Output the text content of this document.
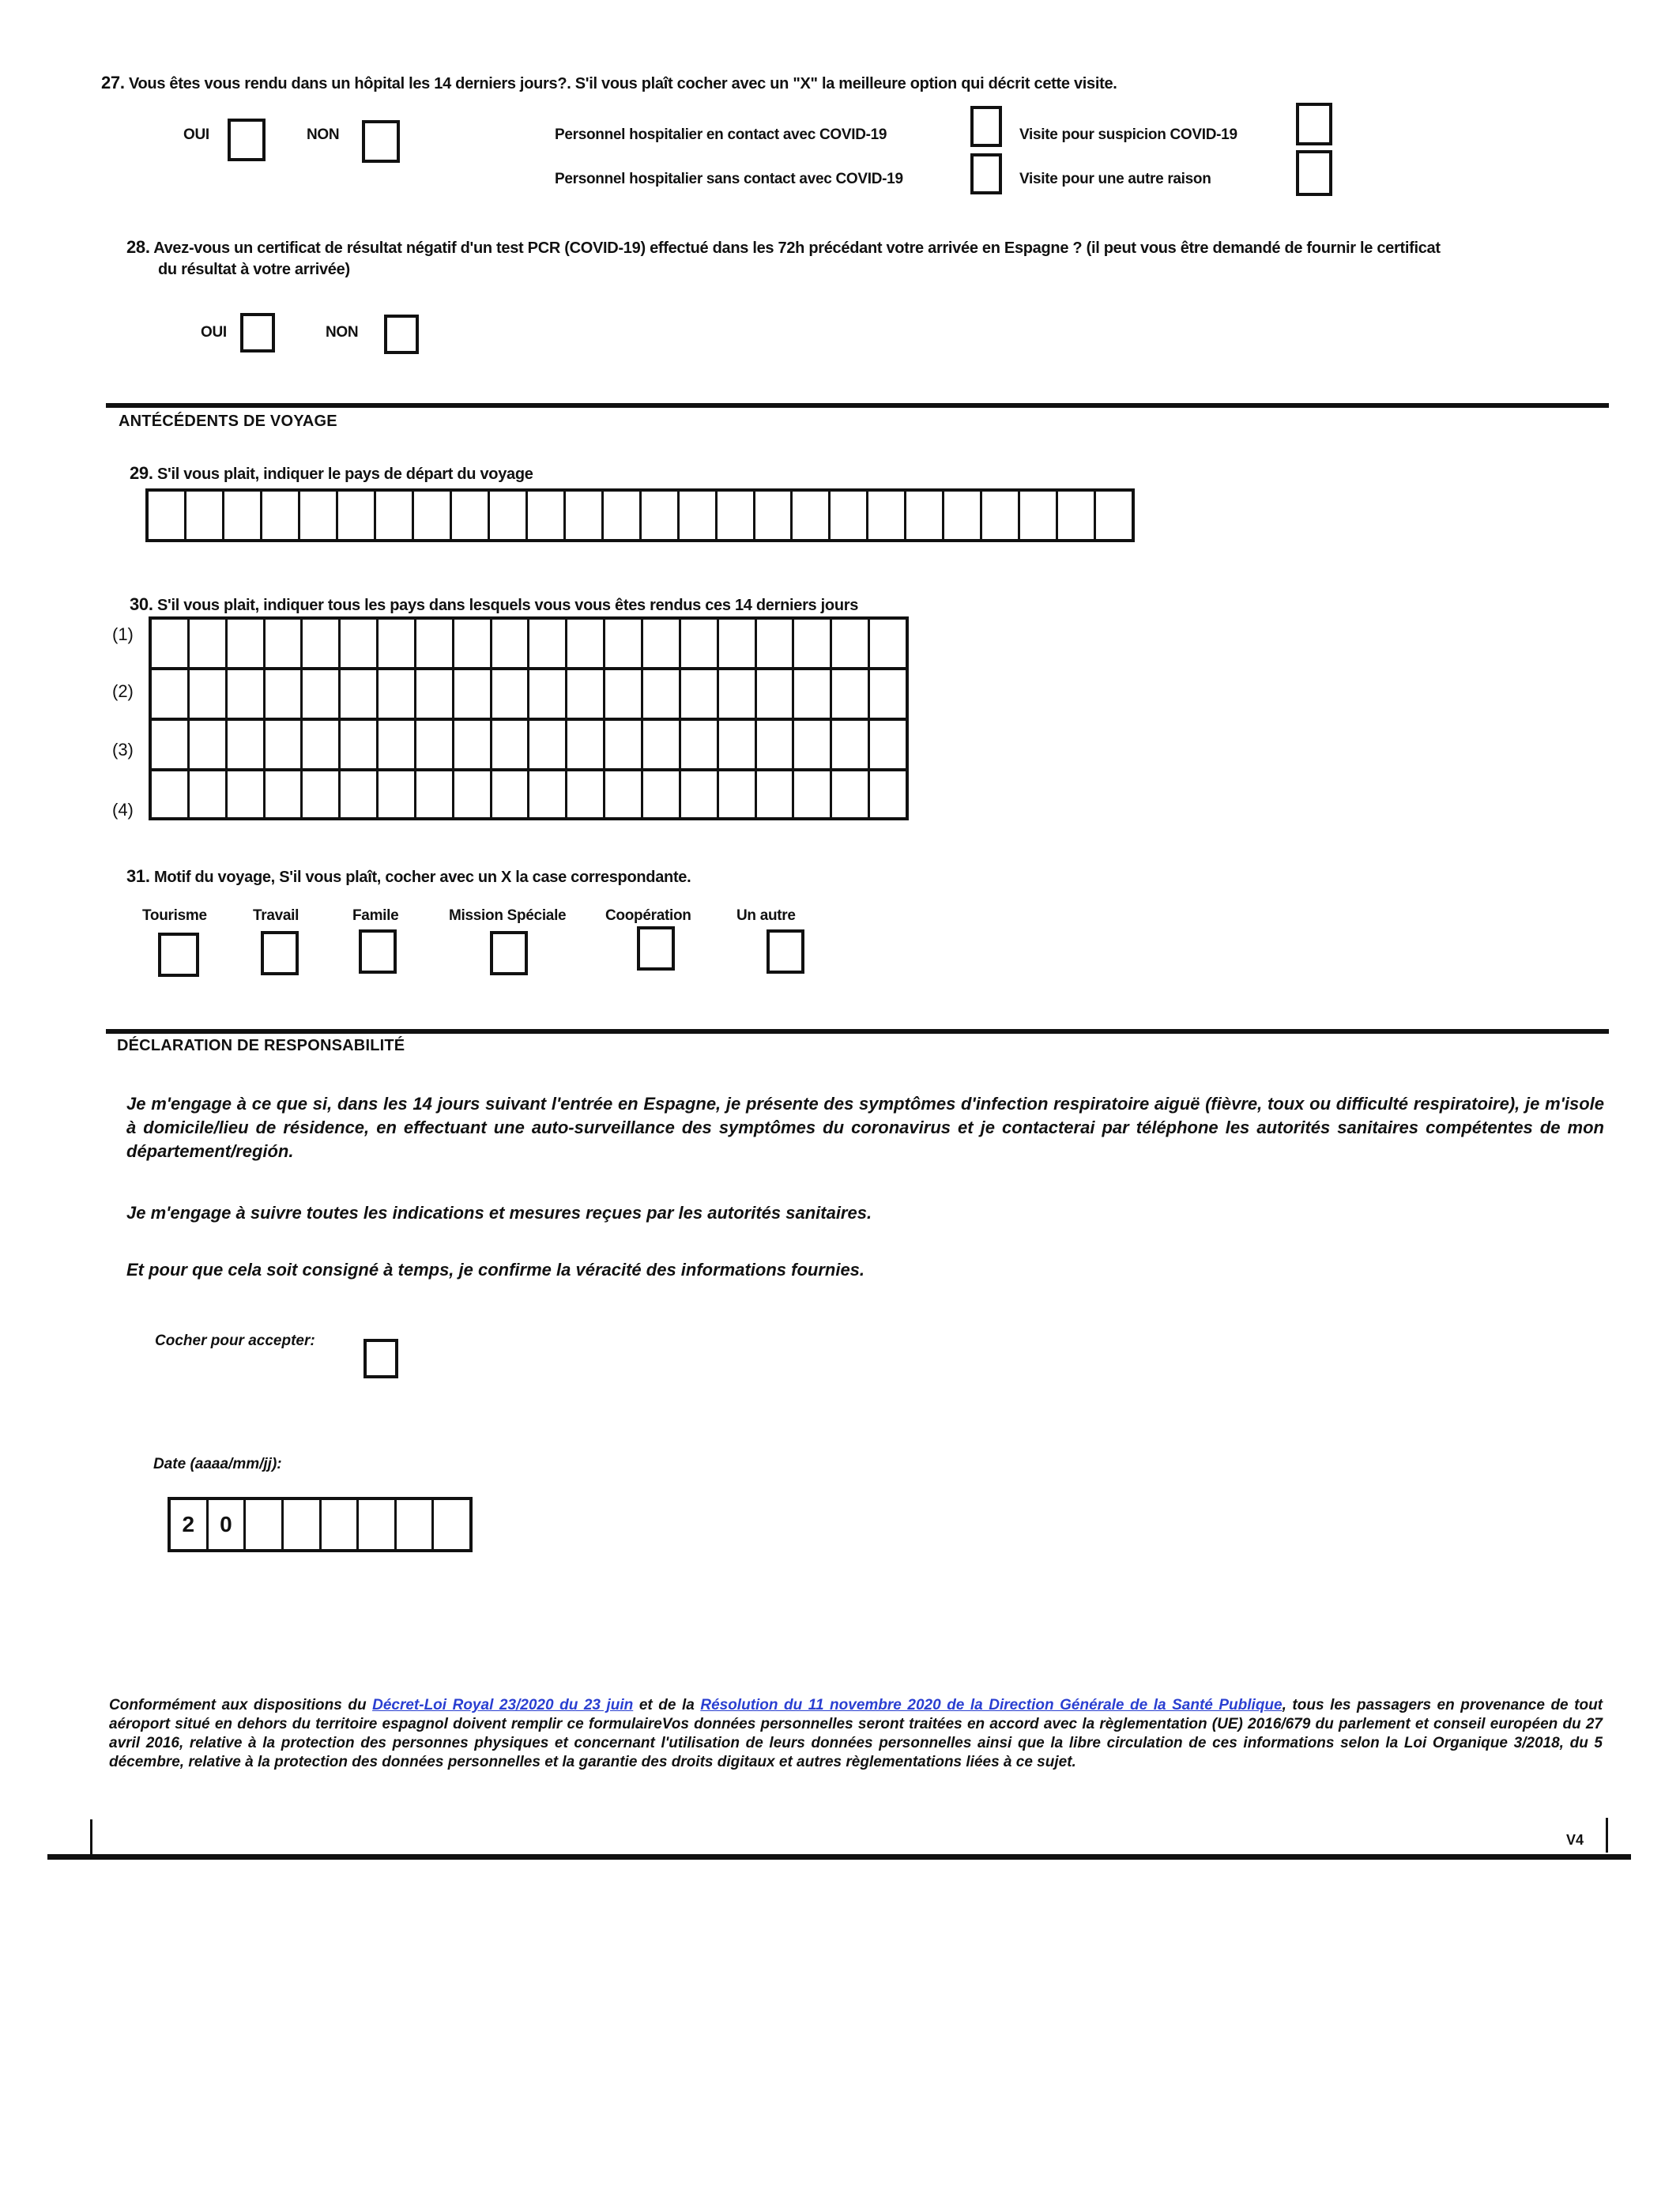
27. Vous êtes vous rendu dans un hôpital les 14 derniers jours?. S'il vous plaît cocher avec un "X" la meilleure option qui décrit cette visite.
OUI	NON	Personnel hospitalier en contact avec COVID-19
Personnel hospitalier sans contact avec COVID-19
Visite pour suspicion COVID-19
Visite pour une autre raison
28. Avez-vous un certificat de résultat négatif d'un test PCR (COVID-19) effectué dans les 72h précédant votre arrivée en Espagne ? (il peut vous être demandé de fournir le certificat
du résultat à votre arrivée)
OUI	NON
ANTÉCÉDENTS DE VOYAGE
29. S'il vous plait, indiquer le pays de départ du voyage
30. S'il vous plait, indiquer tous les pays dans lesquels vous vous êtes rendus ces 14 derniers jours
(1)
(2)
(3)
(4)
31. Motif du voyage, S'il vous plaît, cocher avec un X la case correspondante.
Tourisme	Travail	Famile	Mission Spéciale	Coopération	Un autre
DÉCLARATION DE RESPONSABILITÉ
Je m'engage à ce que si, dans les 14 jours suivant l'entrée en Espagne, je présente des symptômes d'infection respiratoire aiguë (fièvre, toux ou difficulté respiratoire), je m'isole à domicile/lieu de résidence, en effectuant une auto-surveillance des symptômes du coronavirus et je contacterai par téléphone les autorités sanitaires compétentes de mon département/región.
Je m'engage à suivre toutes les indications et mesures reçues par les autorités sanitaires.
Et pour que cela soit consigné à temps, je confirme la véracité des informations fournies.
Cocher pour accepter:
Date (aaaa/mm/jj):
2	0
Conformément aux dispositions du Décret-Loi Royal 23/2020 du 23 juin et de la Résolution du 11 novembre 2020 de la Direction Générale de la Santé Publique, tous les passagers en provenance de tout aéroport situé en dehors du territoire espagnol doivent remplir ce formulaireVos données personnelles seront traitées en accord avec la règlementation (UE) 2016/679 du parlement et conseil européen du 27 avril 2016, relative à la protection des personnes physiques et concernant l'utilisation de leurs données personnelles ainsi que la libre circulation de ces informations selon la Loi Organique 3/2018, du 5 décembre, relative à la protection des données personnelles et la garantie des droits digitaux et autres règlementations liées à ce sujet.
V4
